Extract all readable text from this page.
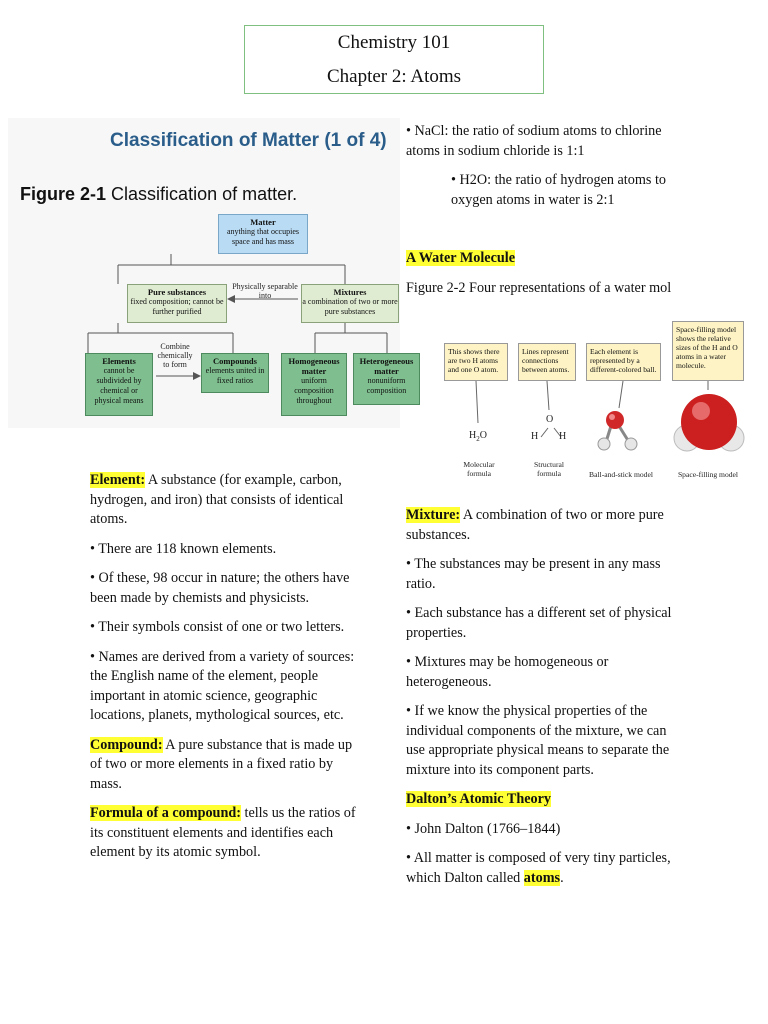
Chemistry 101
Chapter 2: Atoms
Classification of Matter (1 of 4)
Figure 2-1 Classification of matter.
Matter
anything that occupies space and has mass
Pure substances
fixed composition; cannot be further purified
Physically separable into	Mixtures
a combination of two or more pure substances
Elements
cannot be subdivided by chemical or physical means
Combine chemically to form	Compounds
elements united in fixed ratios
Homogeneous matter
uniform composition throughout
Heterogeneous matter
nonuniform composition

• NaCl: the ratio of sodium atoms to chlorine atoms in sodium chloride is 1:1

• H2O: the ratio of hydrogen atoms to oxygen atoms in water is 2:1

A Water Molecule

Figure 2-2 Four representations of a water mol

This shows there are two H atoms and one O atom.
Lines represent connections between atoms.
Each element is represented by a different-colored ball.
Space-filling model shows the relative sizes of the H and O atoms in a water molecule.
$H_2O$
O
H H
Molecular formula
Structural formula	Ball-and-stick model	Space-filling model

Element: A substance (for example, carbon, hydrogen, and iron) that consists of identical atoms.

• There are 118 known elements.

• Of these, 98 occur in nature; the others have been made by chemists and physicists.

• Their symbols consist of one or two letters.

• Names are derived from a variety of sources: the English name of the element, people important in atomic science, geographic locations, planets, mythological sources, etc.

Compound: A pure substance that is made up of two or more elements in a fixed ratio by mass.

Formula of a compound: tells us the ratios of its constituent elements and identifies each element by its atomic symbol.

Mixture: A combination of two or more pure substances.

• The substances may be present in any mass ratio.

• Each substance has a different set of physical properties.

• Mixtures may be homogeneous or heterogeneous.

• If we know the physical properties of the individual components of the mixture, we can use appropriate physical means to separate the mixture into its component parts.

Dalton’s Atomic Theory

• John Dalton (1766–1844)

• All matter is composed of very tiny particles, which Dalton called atoms.
